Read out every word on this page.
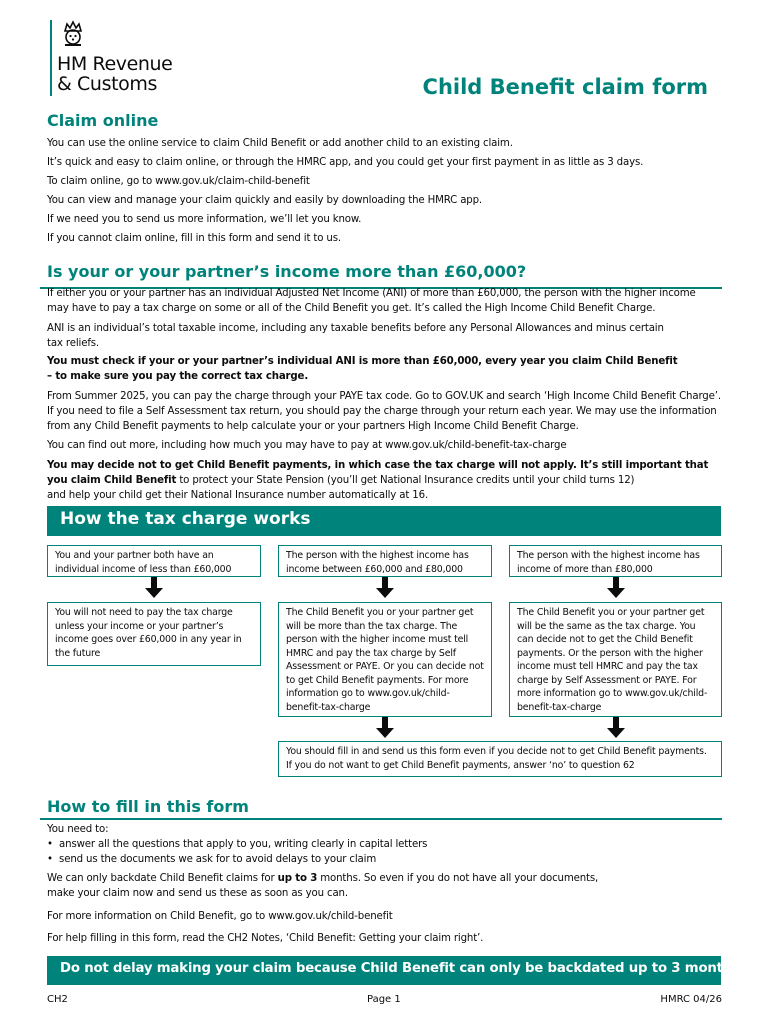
HM Revenue
& Customs	Child Benefit claim form
Claim online
You can use the online service to claim Child Benefit or add another child to an existing claim.
It’s quick and easy to claim online, or through the HMRC app, and you could get your first payment in as little as 3 days.
To claim online, go to www.gov.uk/claim-child-benefit
You can view and manage your claim quickly and easily by downloading the HMRC app.
If we need you to send us more information, we’ll let you know.
If you cannot claim online, fill in this form and send it to us.
Is your or your partner’s income more than £60,000?
If either you or your partner has an individual Adjusted Net Income (ANI) of more than £60,000, the person with the higher income
may have to pay a tax charge on some or all of the Child Benefit you get. It’s called the High Income Child Benefit Charge.
ANI is an individual’s total taxable income, including any taxable benefits before any Personal Allowances and minus certain
tax reliefs.
You must check if your or your partner’s individual ANI is more than £60,000, every year you claim Child Benefit
– to make sure you pay the correct tax charge.
From Summer 2025, you can pay the charge through your PAYE tax code. Go to GOV.UK and search ‘High Income Child Benefit Charge’.
If you need to file a Self Assessment tax return, you should pay the charge through your return each year. We may use the information
from any Child Benefit payments to help calculate your or your partners High Income Child Benefit Charge.
You can find out more, including how much you may have to pay at www.gov.uk/child-benefit-tax-charge
You may decide not to get Child Benefit payments, in which case the tax charge will not apply. It’s still important that
you claim Child Benefit to protect your State Pension (you’ll get National Insurance credits until your child turns 12)
and help your child get their National Insurance number automatically at 16.
How the tax charge works
You and your partner both have an individual income of less than £60,000
The person with the highest income has income between £60,000 and £80,000
The person with the highest income has income of more than £80,000
You will not need to pay the tax charge unless your income or your partner’s income goes over £60,000 in any year in the future
The Child Benefit you or your partner get will be more than the tax charge. The person with the higher income must tell HMRC and pay the tax charge by Self Assessment or PAYE. Or you can decide not to get Child Benefit payments. For more information go to www.gov.uk/child-benefit-tax-charge
The Child Benefit you or your partner get will be the same as the tax charge. You can decide not to get the Child Benefit payments. Or the person with the higher income must tell HMRC and pay the tax charge by Self Assessment or PAYE. For more information go to www.gov.uk/child-benefit-tax-charge
You should fill in and send us this form even if you decide not to get Child Benefit payments. If you do not want to get Child Benefit payments, answer ‘no’ to question 62
How to fill in this form
You need to:
•  answer all the questions that apply to you, writing clearly in capital letters
•  send us the documents we ask for to avoid delays to your claim
We can only backdate Child Benefit claims for up to 3 months. So even if you do not have all your documents,
make your claim now and send us these as soon as you can.
For more information on Child Benefit, go to www.gov.uk/child-benefit
For help filling in this form, read the CH2 Notes, ‘Child Benefit: Getting your claim right’.
Do not delay making your claim because Child Benefit can only be backdated up to 3 months
CH2	Page 1	HMRC 04/26
